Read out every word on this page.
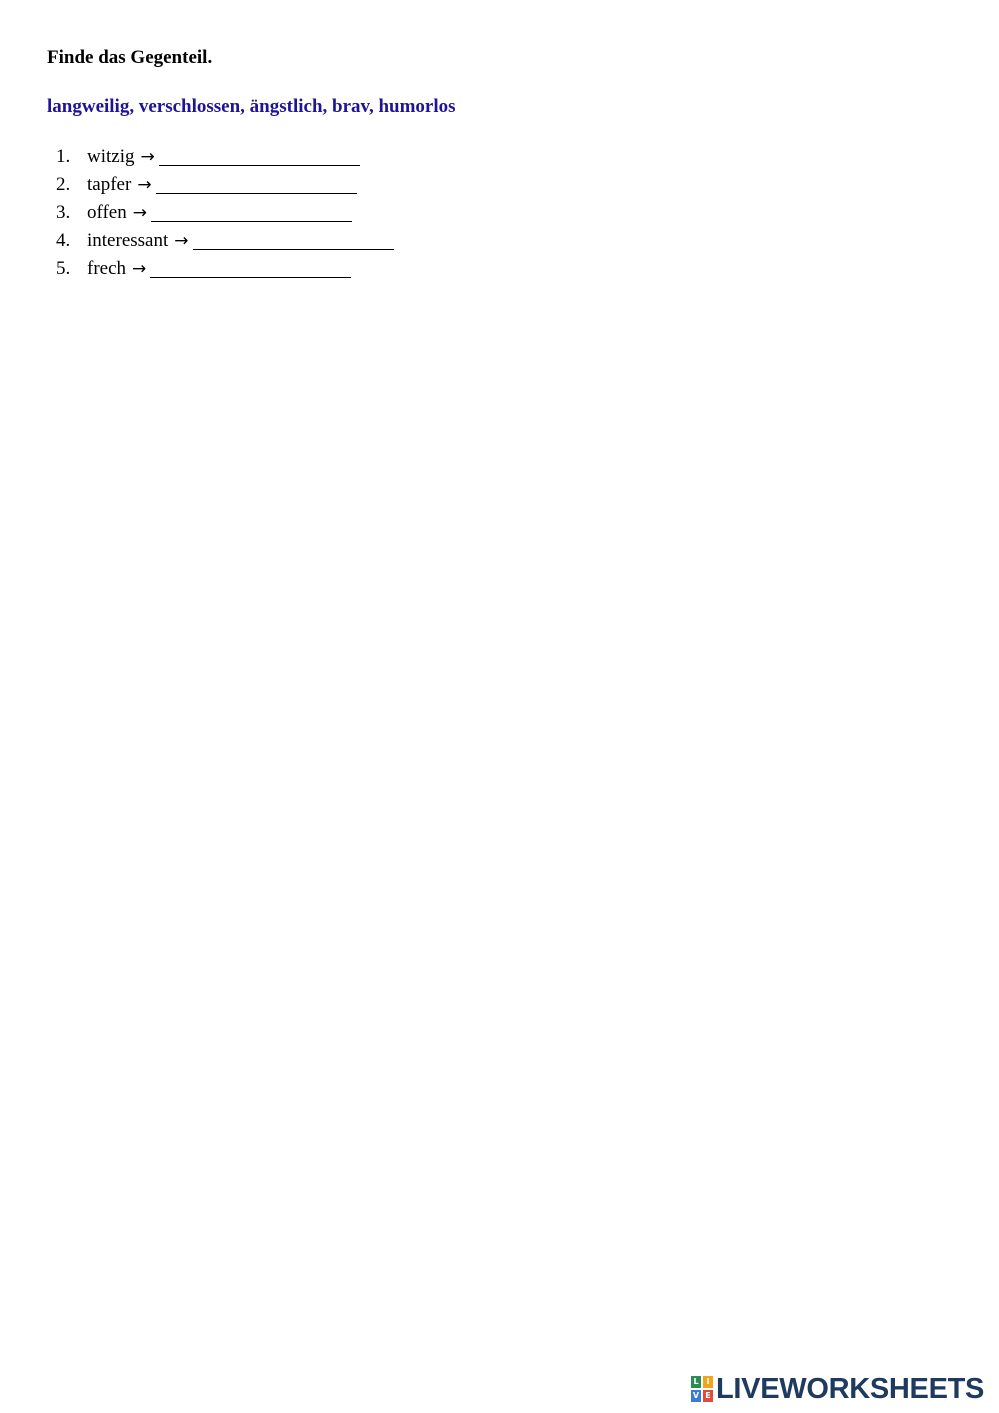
Finde das Gegenteil.
langweilig, verschlossen, ängstlich, brav, humorlos
1. witzig →
2. tapfer →
3. offen →
4. interessant →
5. frech →
L I
V E LIVEWORKSHEETS
